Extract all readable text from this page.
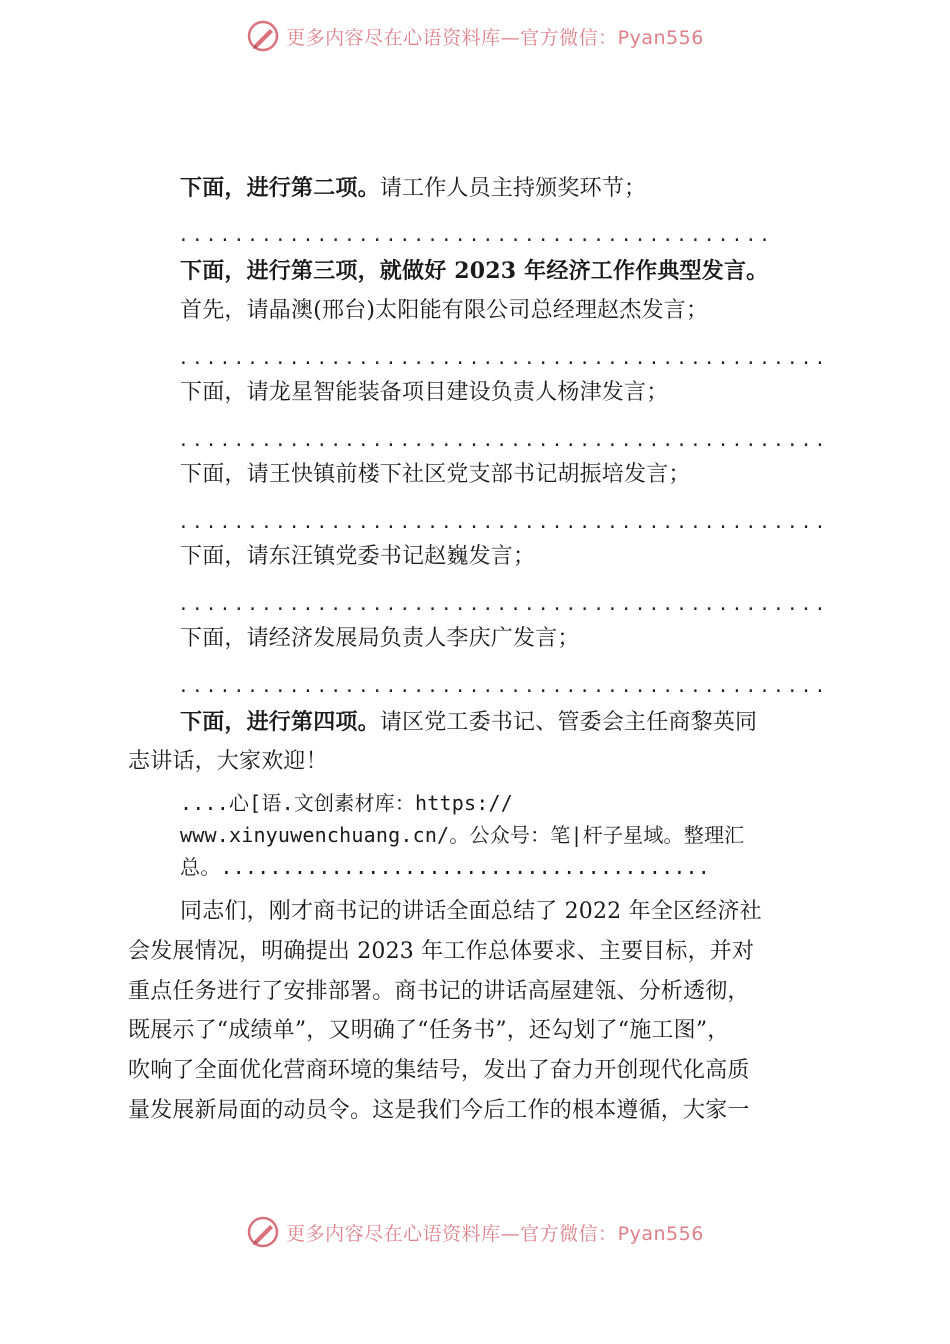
更多内容尽在心语资料库—官方微信：Pyan556
下面，进行第二项。请工作人员主持颁奖环节；
...........................................
下面，进行第三项，就做好 2023 年经济工作作典型发言。
首先，请晶澳(邢台)太阳能有限公司总经理赵杰发言；
...............................................
下面，请龙星智能装备项目建设负责人杨津发言；
...............................................
下面，请王快镇前楼下社区党支部书记胡振培发言；
...............................................
下面，请东汪镇党委书记赵巍发言；
...............................................
下面，请经济发展局负责人李庆广发言；
...............................................
下面，进行第四项。请区党工委书记、管委会主任商黎英同
志讲话，大家欢迎！
....心[语.文创素材库：https://
www.xinyuwenchuang.cn/。公众号：笔|杆子星域。整理汇
总。........................................
同志们，刚才商书记的讲话全面总结了 2022 年全区经济社
会发展情况，明确提出 2023 年工作总体要求、主要目标，并对
重点任务进行了安排部署。商书记的讲话高屋建瓴、分析透彻，
既展示了“成绩单”，又明确了“任务书”，还勾划了“施工图”，
吹响了全面优化营商环境的集结号，发出了奋力开创现代化高质
量发展新局面的动员令。这是我们今后工作的根本遵循，大家一
更多内容尽在心语资料库—官方微信：Pyan556
